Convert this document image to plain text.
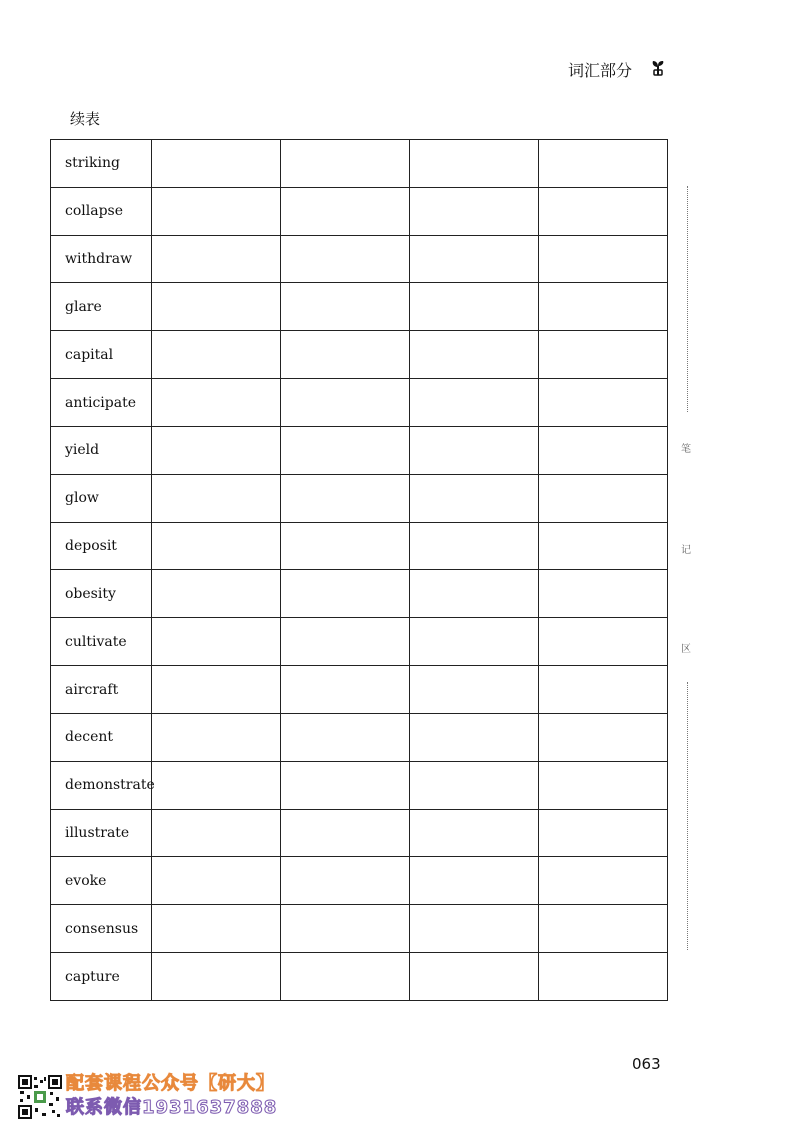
词汇部分
续表
striking				
collapse				
withdraw				
glare				
capital				
anticipate				
yield				
glow				
deposit				
obesity				
cultivate				
aircraft				
decent				
demonstrate				
illustrate				
evoke				
consensus				
capture				
笔
记
区
063
配套课程公众号【研大】
联系微信1931637888
